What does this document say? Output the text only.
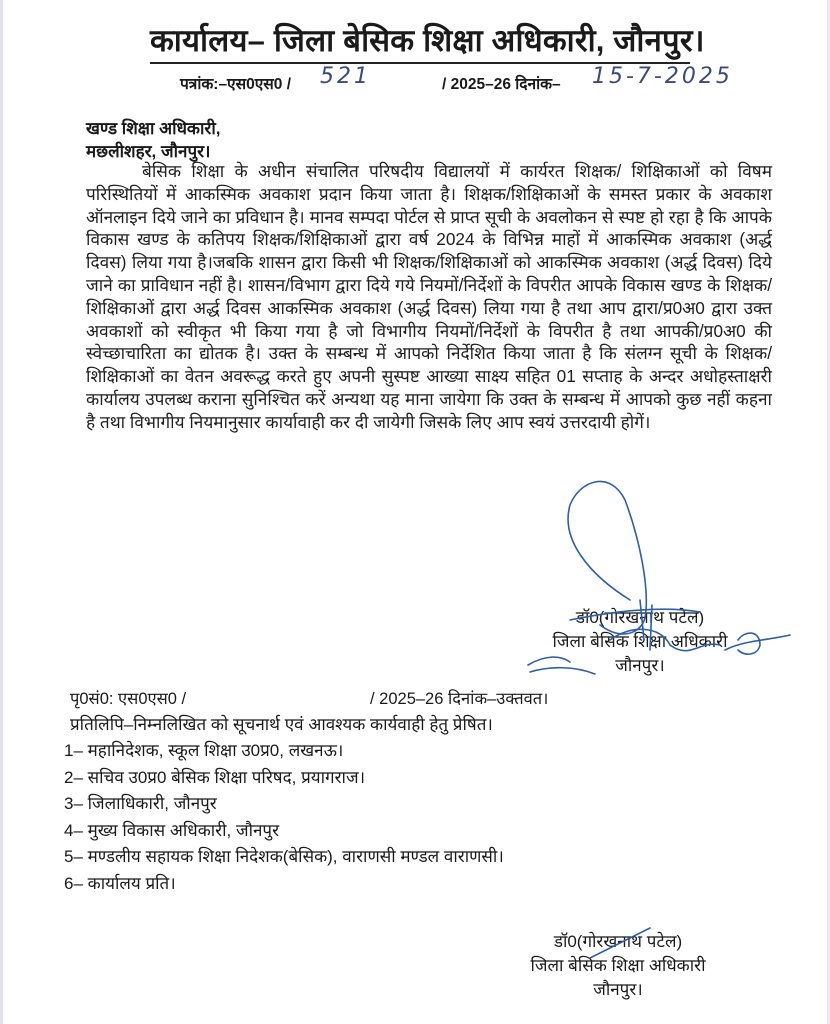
कार्यालय– जिला बेसिक शिक्षा अधिकारी, जौनपुर।
पत्रांक:–एस0एस0 / 521	/ 2025–26 दिनांक– 15-7-2025
खण्ड शिक्षा अधिकारी,
मछलीशहर, जौनपुर।

बेसिक शिक्षा के अधीन संचालित परिषदीय विद्यालयों में कार्यरत शिक्षक/ शिक्षिकाओं को विषम परिस्थितियों में आकस्मिक अवकाश प्रदान किया जाता है। शिक्षक/शिक्षिकाओं के समस्त प्रकार के अवकाश ऑनलाइन दिये जाने का प्रविधान है। मानव सम्पदा पोर्टल से प्राप्त सूची के अवलोकन से स्पष्ट हो रहा है कि आपके विकास खण्ड के कतिपय शिक्षक/शिक्षिकाओं द्वारा वर्ष 2024 के विभिन्न माहों में आकस्मिक अवकाश (अर्द्ध दिवस) लिया गया है।जबकि शासन द्वारा किसी भी शिक्षक/शिक्षिकाओं को आकस्मिक अवकाश (अर्द्ध दिवस) दिये जाने का प्राविधान नहीं है। शासन/विभाग द्वारा दिये गये नियमों/निर्देशों के विपरीत आपके विकास खण्ड के शिक्षक/शिक्षिकाओं द्वारा अर्द्ध दिवस आकस्मिक अवकाश (अर्द्ध दिवस) लिया गया है तथा आप द्वारा/प्र0अ0 द्वारा उक्त अवकाशों को स्वीकृत भी किया गया है जो विभागीय नियमों/निर्देशों के विपरीत है तथा आपकी/प्र0अ0 की स्वेच्छाचारिता का द्योतक है। उक्त के सम्बन्ध में आपको निर्देशित किया जाता है कि संलग्न सूची के शिक्षक/शिक्षिकाओं का वेतन अवरूद्ध करते हुए अपनी सुस्पष्ट आख्या साक्ष्य सहित 01 सप्ताह के अन्दर अधोहस्ताक्षरी कार्यालय उपलब्ध कराना सुनिश्चित करें अन्यथा यह माना जायेगा कि उक्त के सम्बन्ध में आपको कुछ नहीं कहना है तथा विभागीय नियमानुसार कार्यावाही कर दी जायेगी जिसके लिए आप स्वयं उत्तरदायी होगें।

डॉ0(गोरखनाथ पटेल)
जिला बेसिक शिक्षा अधिकारी
जौनपुर।
पृ0सं0: एस0एस0 /	/ 2025–26 दिनांक–उक्तवत।
प्रतिलिपि–निम्नलिखित को सूचनार्थ एवं आवश्यक कार्यवाही हेतु प्रेषित।
1– महानिदेशक, स्कूल शिक्षा उ0प्र0, लखनऊ।
2– सचिव उ0प्र0 बेसिक शिक्षा परिषद, प्रयागराज।
3– जिलाधिकारी, जौनपुर
4– मुख्य विकास अधिकारी, जौनपुर
5– मण्डलीय सहायक शिक्षा निदेशक(बेसिक), वाराणसी मण्डल वाराणसी।
6– कार्यालय प्रति।
डॉ0(गोरखनाथ पटेल)
जिला बेसिक शिक्षा अधिकारी
जौनपुर।
